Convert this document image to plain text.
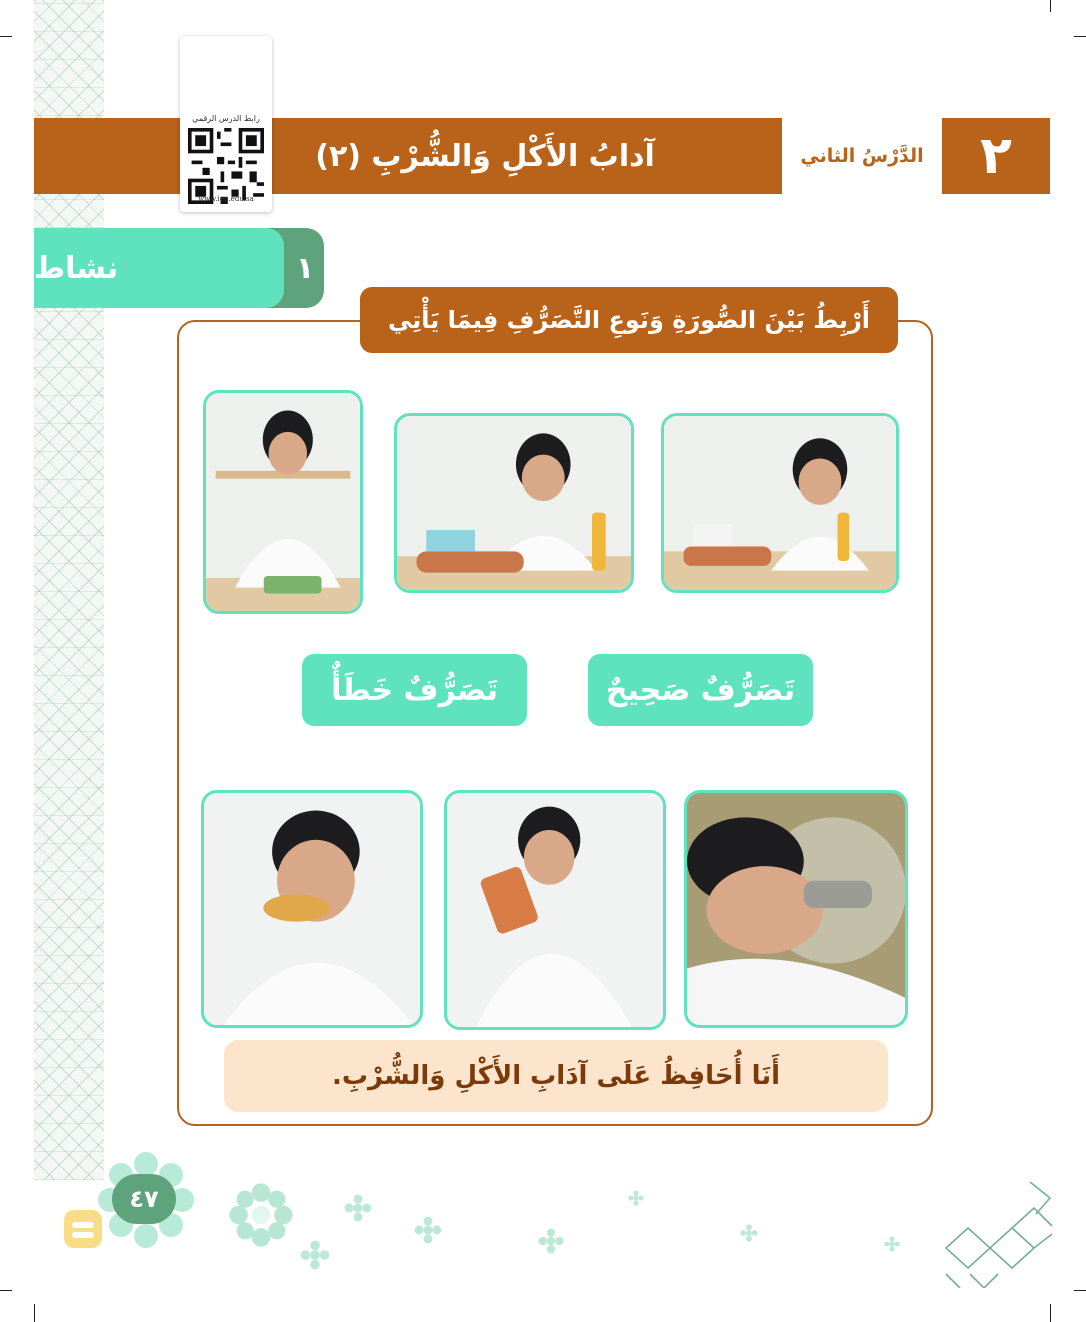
آدابُ الأَكْلِ وَالشُّرْبِ (٢)	الدَّرْسُ الثاني	٢
رابط الدرس الرقمي
www.ien.edu.sa
نشاط	١
أَرْبِطُ بَيْنَ الصُّورَةِ وَنَوعِ التَّصَرُّفِ فِيمَا يَأْتِي
تَصَرُّفٌ صَحِيحٌ
تَصَرُّفٌ خَطَأٌ
أَنَا أُحَافِظُ عَلَى آدَابِ الأَكْلِ وَالشُّرْبِ.
٤٧
